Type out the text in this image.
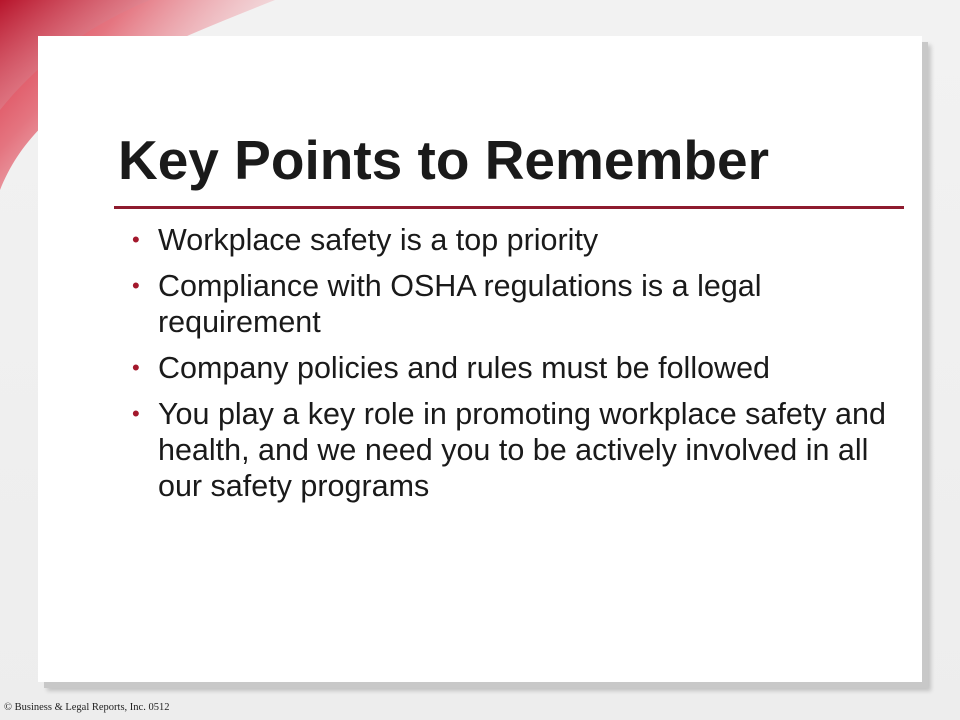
Key Points to Remember
• Workplace safety is a top priority
• Compliance with OSHA regulations is a legal requirement
• Company policies and rules must be followed
• You play a key role in promoting workplace safety and health, and we need you to be actively involved in all our safety programs
© Business & Legal Reports, Inc. 0512
